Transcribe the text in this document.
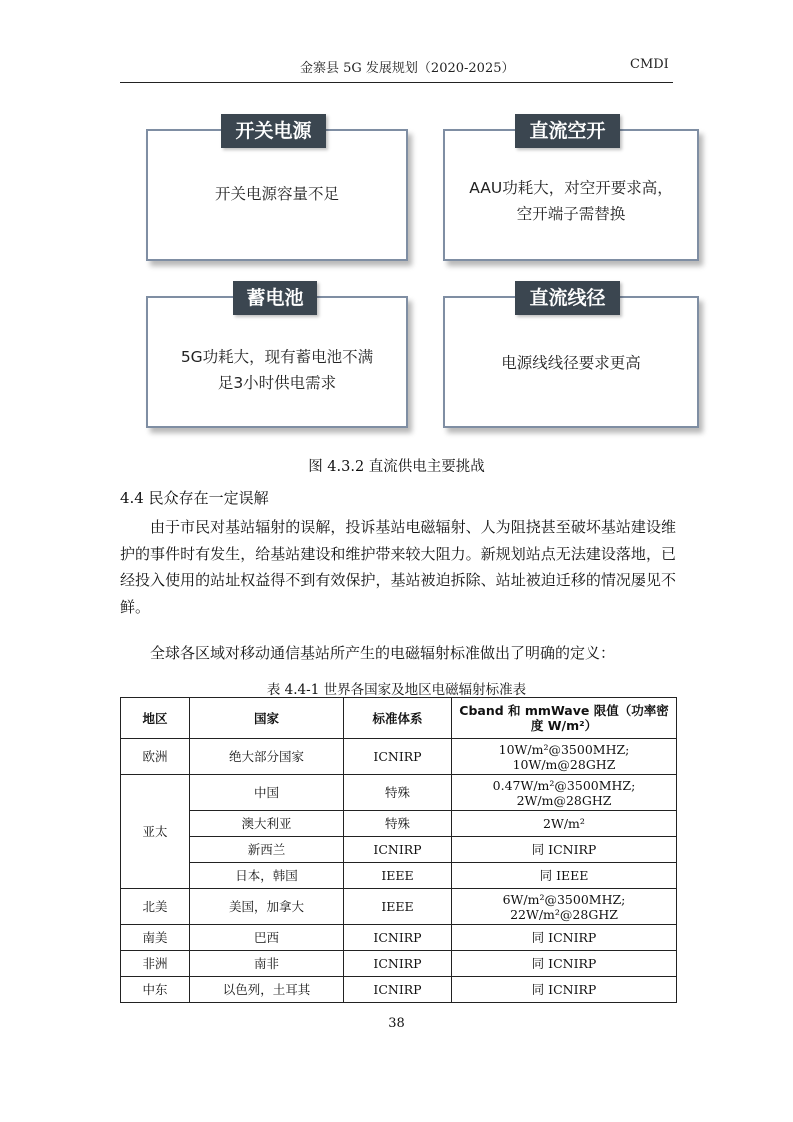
金寨县 5G 发展规划（2020-2025）	CMDI
开关电源容量不足
开关电源
AAU功耗大，对空开要求高，
空开端子需替换
直流空开
5G功耗大，现有蓄电池不满
足3小时供电需求
蓄电池
电源线线径要求更高
直流线径
图 4.3.2 直流供电主要挑战
4.4 民众存在一定误解
由于市民对基站辐射的误解，投诉基站电磁辐射、人为阻挠甚至破坏基站建设维护的事件时有发生，给基站建设和维护带来较大阻力。新规划站点无法建设落地，已经投入使用的站址权益得不到有效保护，基站被迫拆除、站址被迫迁移的情况屡见不鲜。
全球各区域对移动通信基站所产生的电磁辐射标准做出了明确的定义：
表 4.4-1 世界各国家及地区电磁辐射标准表
地区	国家	标准体系	Cband 和 mmWave 限值（功率密度 W/m²）
欧洲	绝大部分国家	ICNIRP	10W/m²@3500MHZ;
10W/m@28GHZ

亚太	中国	特殊	0.47W/m²@3500MHZ;
2W/m@28GHZ

	澳大利亚	特殊	2W/m²
	新西兰	ICNIRP	同 ICNIRP
	日本，韩国	IEEE	同 IEEE
北美	美国，加拿大	IEEE	6W/m²@3500MHZ;
22W/m²@28GHZ

南美	巴西	ICNIRP	同 ICNIRP
非洲	南非	ICNIRP	同 ICNIRP
中东	以色列，土耳其	ICNIRP	同 ICNIRP
38
